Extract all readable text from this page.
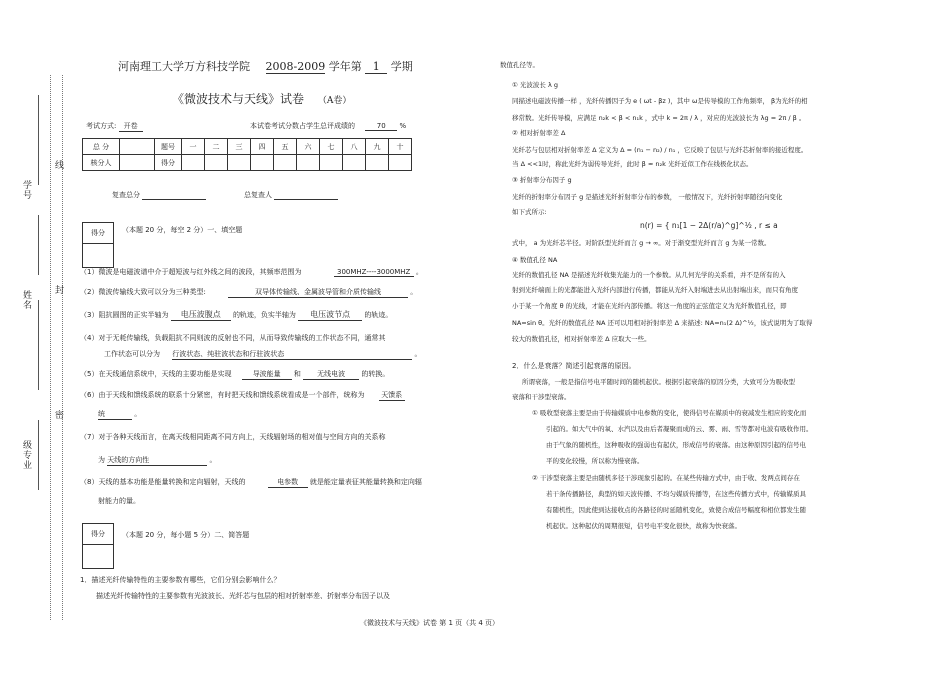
学号
姓名
级专业
线
封
密
河南理工大学万方科技学院 2008-2009 学年第 1 学期
《微波技术与天线》试卷 （A卷）
考试方式: 开卷	本试卷考试分数占学生总评成绩的	70 %
总 分		题号	一	二	三	四	五	六	七	八	九	十
核分人		得分										
复查总分	总复查人
得分	（本题 20 分，每空 2 分）一、填空题
（1）微波是电磁波谱中介于超短波与红外线之间的波段，其频率范围为	300MHZ----3000MHZ 。
（2）微波传输线大致可以分为三种类型:	双导体传输线、金属波导管和介质传输线	。
（3）阻抗圆图的正实半轴为 电压波腹点 的轨迹，负实半轴为 电压波节点 的轨迹。
（4）对于无耗传输线，负载阻抗不同则波的反射也不同，从而导致传输线的工作状态不同，通常其
工作状态可以分为 行波状态、纯驻波状态和行驻波状态	。
（5）在天线通信系统中，天线的主要功能是实现	导波能量 和 无线电波 的转换。
（6）由于天线和馈线系统的联系十分紧密，有时把天线和馈线系统看成是一个部件，统称为 天馈系
统	。
（7）对于各种天线而言，在离天线相同距离不同方向上，天线辐射场的相对值与空间方向的关系称
为 天线的方向性	。
（8）天线的基本功能是能量转换和定向辐射，天线的	电参数 就是能定量表征其能量转换和定向辐
射能力的量。
得分	（本题 20 分，每小题 5 分）二、简答题
1．描述光纤传输特性的主要参数有哪些，它们分别会影响什么？
描述光纤传输特性的主要参数有光波波长、光纤芯与包层的相对折射率差、折射率分布因子以及
数值孔径等。
① 光波波长 λ g
同描述电磁波传播一样 ，光纤传播因子为 e ( ωt - βz )，其中 ω是传导模的工作角频率， β为光纤的相
移常数。光纤传导模，应满足 n₂k < β < n₁k ，式中 k = 2π / λ ，对应的光波波长为 λg = 2π / β 。
② 相对折射率差 Δ
光纤芯与包层相对折射率差 Δ 定义为 Δ = (n₁ − n₂) / n₁ ，它反映了包层与光纤芯折射率的接近程度。
当 Δ <<1时，称此光纤为弱传导光纤，此时 β ≈ n₂k 光纤近似工作在线极化状态。
③ 折射率分布因子 g
光纤的折射率分布因子 g 是描述光纤折射率分布的参数， 一般情况下，光纤折射率随径向变化
如下式所示:
n(r) = { n₁[1 − 2Δ(r/a)^g]^½ , r ≤ a
式中， a 为光纤芯半径。对阶跃型光纤而言 g → ∞。对于渐变型光纤而言 g 为某一常数。
④ 数值孔径 NA
光纤的数值孔径 NA 是描述光纤收集光能力的一个参数。从几何光学的关系看，并不是所有的入
射到光纤端面上的光都能进入光纤内部进行传播，都能从光纤入射端进去从出射端出来，而只有角度
小于某一个角度 θ 的光线，才能在光纤内部传播。将这一角度的正弦值定义为光纤数值孔径，即
NA=sin θ。光纤的数值孔径 NA 还可以用相对折射率差 Δ 来描述: NA=n₁(2 Δ)^½，该式说明为了取得
较大的数值孔径，相对折射率差 Δ 应取大一些。
2．什么是衰落？简述引起衰落的原因。
所谓衰落，一般是指信号电平随时间的随机起伏。根据引起衰落的原因分类，大致可分为吸收型
衰落和干涉型衰落。
① 吸收型衰落主要是由于传输媒质中电参数的变化，使得信号在媒质中的衰减发生相应的变化而
引起的。如大气中的氧、水汽以及由后者凝聚而成的云、雾、雨、雪等都对电波有吸收作用。
由于气象的随机性，这种吸收的强弱也有起伏，形成信号的衰落。由这种原因引起的信号电
平的变化较慢，所以称为慢衰落。
② 干涉型衰落主要是由随机多径干涉现象引起的。在某些传输方式中，由于收、发两点间存在
若干条传播路径，典型的如天波传播、不均匀媒质传播等，在这些传播方式中，传输媒质具
有随机性，因此使到达接收点的各路径的时延随机变化，致使合成信号幅度和相位都发生随
机起伏。这种起伏的周期很短，信号电平变化很快，故称为快衰落。
《微波技术与天线》试卷 第 1 页（共 4 页）
